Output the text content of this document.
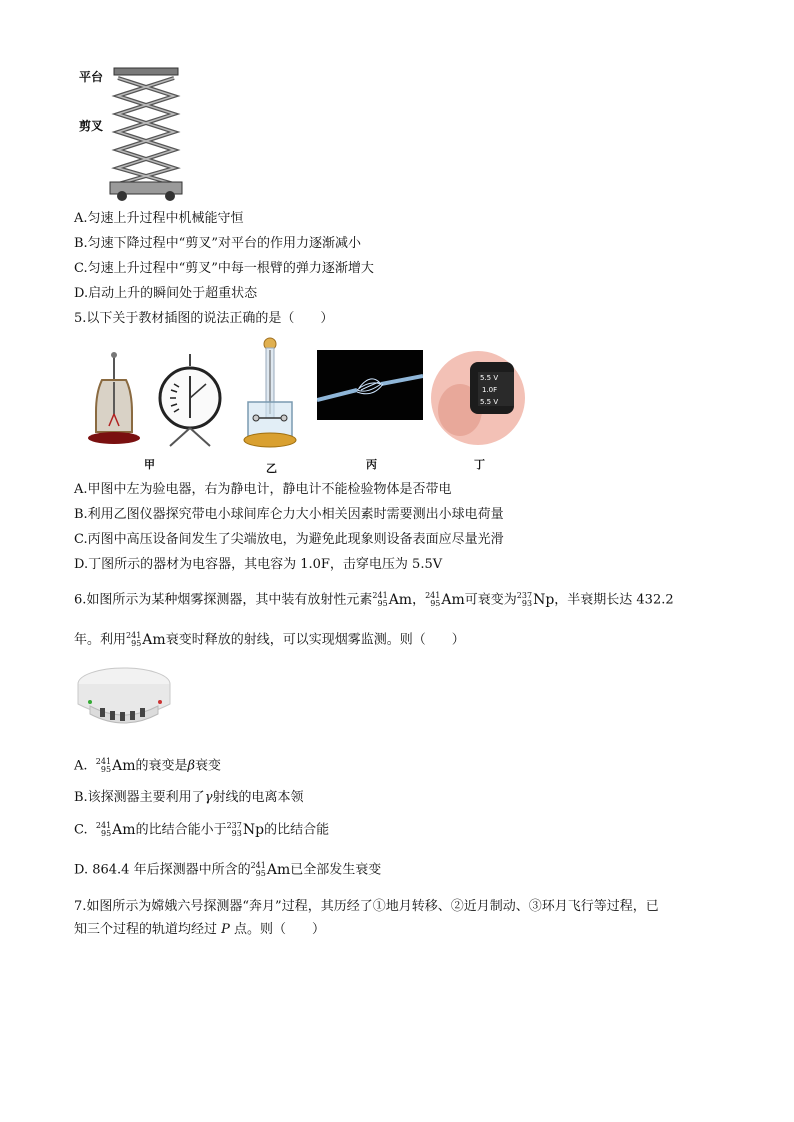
平台
剪叉
A.匀速上升过程中机械能守恒
B.匀速下降过程中“剪叉”对平台的作用力逐渐减小
C.匀速上升过程中“剪叉”中每一根臂的弹力逐渐增大
D.启动上升的瞬间处于超重状态
5.以下关于教材插图的说法正确的是（　　）
甲	乙	丙
5.5 V
1.0F
5.5 V
丁
A.甲图中左为验电器，右为静电计，静电计不能检验物体是否带电
B.利用乙图仪器探究带电小球间库仑力大小相关因素时需要测出小球电荷量
C.丙图中高压设备间发生了尖端放电，为避免此现象则设备表面应尽量光滑
D.丁图所示的器材为电容器，其电容为 1.0F，击穿电压为 5.5V
6.如图所示为某种烟雾探测器，其中装有放射性元素 241
95 Am ， 241
95 Am 可衰变为 237
93 Np ，半衰期长达 432.2
年。利用 241
95 Am 衰变时释放的射线，可以实现烟雾监测。则（　　）
A. 241
95 Am 的衰变是β衰变
B.该探测器主要利用了γ射线的电离本领
C. 241
95 Am 的比结合能小于 237
93 Np 的比结合能
D. 864.4 年后探测器中所含的 241
95 Am 已全部发生衰变
7.如图所示为嫦娥六号探测器“奔月”过程，其历经了①地月转移、②近月制动、③环月飞行等过程，已
知三个过程的轨道均经过 P 点。则（　　）
